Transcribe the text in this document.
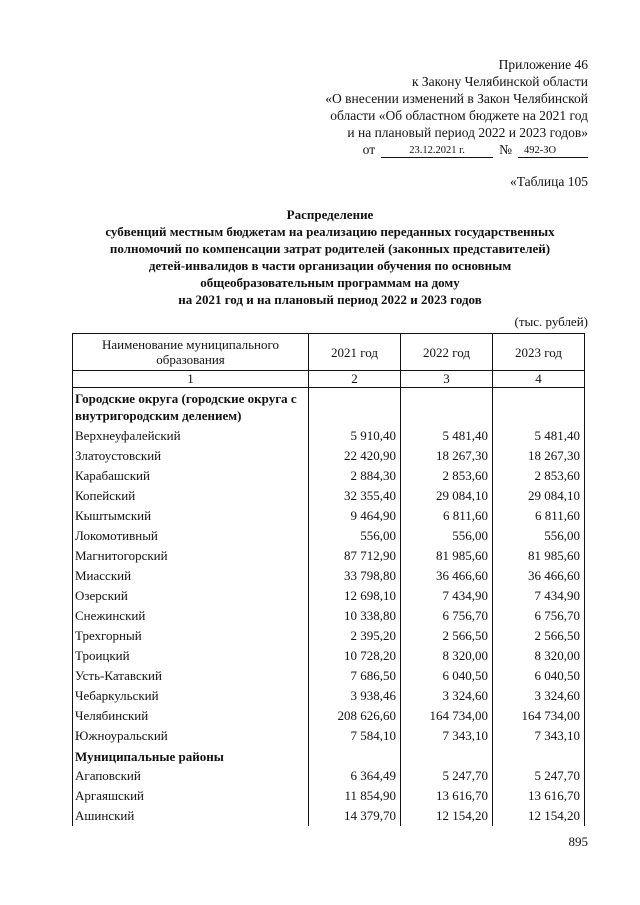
Приложение 46
к Закону Челябинской области
«О внесении изменений в Закон Челябинской
области «Об областном бюджете на 2021 год
и на плановый период 2022 и 2023 годов»
от	23.12.2021 г.	№	492-ЗО
«Таблица 105
Распределение
субвенций местным бюджетам на реализацию переданных государственных
полномочий по компенсации затрат родителей (законных представителей)
детей-инвалидов в части организации обучения по основным
общеобразовательным программам на дому
на 2021 год и на плановый период 2022 и 2023 годов
(тыс. рублей)
Наименование муниципального образования	2021 год	2022 год	2023 год
1	2	3	4
Городские округа (городские округа с внутригородским делением)			
Верхнеуфалейский	5 910,40	5 481,40	5 481,40
Златоустовский	22 420,90	18 267,30	18 267,30
Карабашский	2 884,30	2 853,60	2 853,60
Копейский	32 355,40	29 084,10	29 084,10
Кыштымский	9 464,90	6 811,60	6 811,60
Локомотивный	556,00	556,00	556,00
Магнитогорский	87 712,90	81 985,60	81 985,60
Миасский	33 798,80	36 466,60	36 466,60
Озерский	12 698,10	7 434,90	7 434,90
Снежинский	10 338,80	6 756,70	6 756,70
Трехгорный	2 395,20	2 566,50	2 566,50
Троицкий	10 728,20	8 320,00	8 320,00
Усть-Катавский	7 686,50	6 040,50	6 040,50
Чебаркульский	3 938,46	3 324,60	3 324,60
Челябинский	208 626,60	164 734,00	164 734,00
Южноуральский	7 584,10	7 343,10	7 343,10
Муниципальные районы			
Агаповский	6 364,49	5 247,70	5 247,70
Аргаяшский	11 854,90	13 616,70	13 616,70
Ашинский	14 379,70	12 154,20	12 154,20
895
